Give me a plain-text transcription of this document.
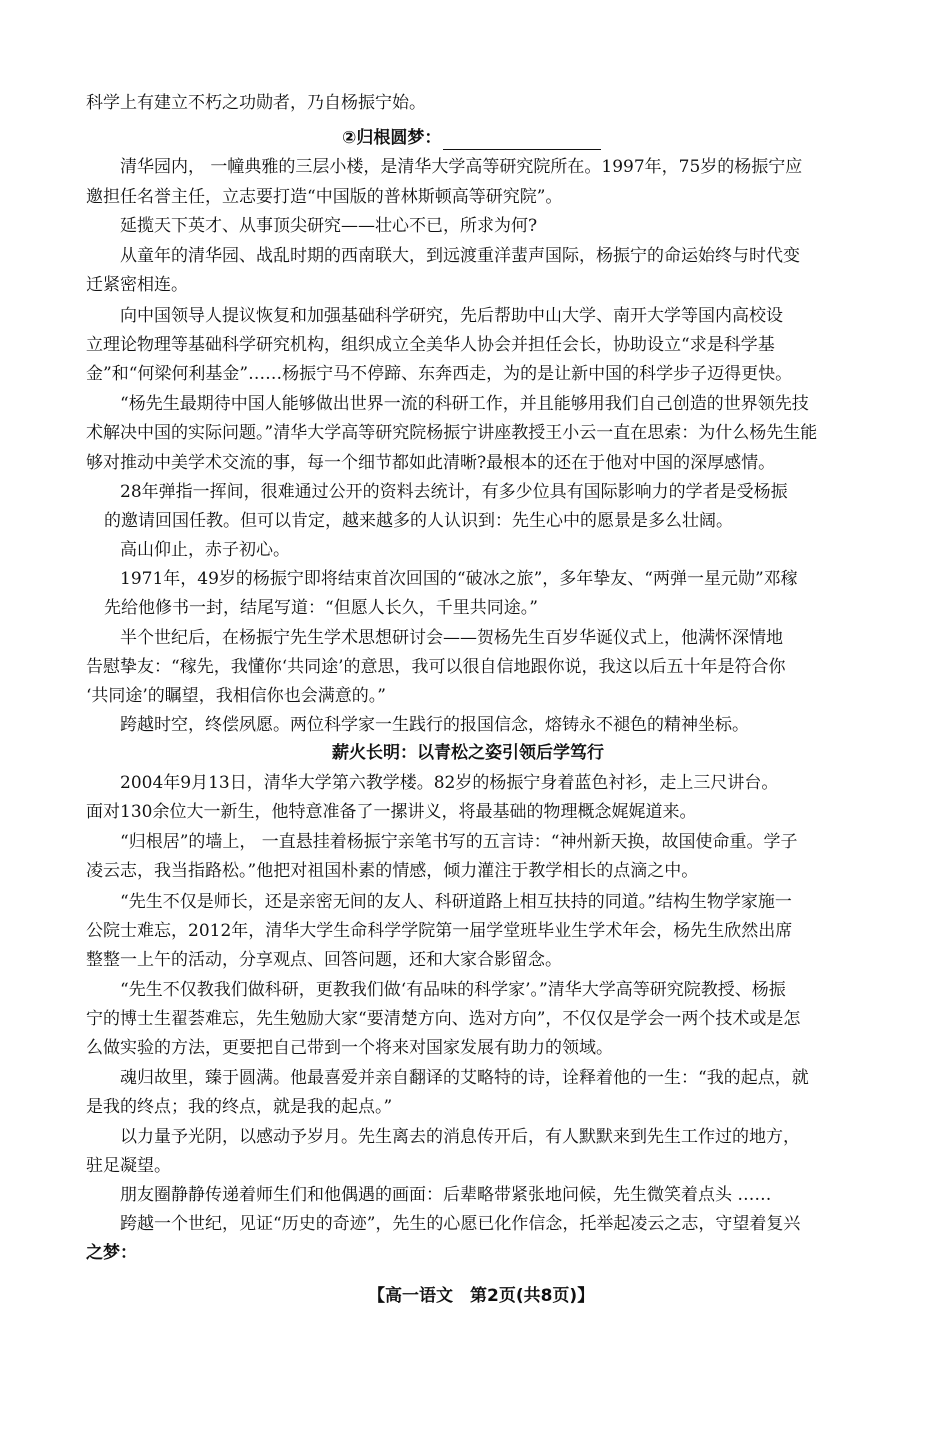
科学上有建立不朽之功勋者，乃自杨振宁始。
②归根圆梦：
清华园内， 一幢典雅的三层小楼，是清华大学高等研究院所在。1997年，75岁的杨振宁应
邀担任名誉主任，立志要打造“中国版的普林斯顿高等研究院”。
延揽天下英才、从事顶尖研究——壮心不已，所求为何?
从童年的清华园、战乱时期的西南联大，到远渡重洋蜚声国际，杨振宁的命运始终与时代变
迁紧密相连。
向中国领导人提议恢复和加强基础科学研究，先后帮助中山大学、南开大学等国内高校设
立理论物理等基础科学研究机构，组织成立全美华人协会并担任会长，协助设立“求是科学基
金”和“何梁何利基金”……杨振宁马不停蹄、东奔西走，为的是让新中国的科学步子迈得更快。
“杨先生最期待中国人能够做出世界一流的科研工作，并且能够用我们自己创造的世界领先技
术解决中国的实际问题。”清华大学高等研究院杨振宁讲座教授王小云一直在思索：为什么杨先生能
够对推动中美学术交流的事，每一个细节都如此清晰?最根本的还在于他对中国的深厚感情。
28年弹指一挥间，很难通过公开的资料去统计，有多少位具有国际影响力的学者是受杨振
的邀请回国任教。但可以肯定，越来越多的人认识到：先生心中的愿景是多么壮阔。
高山仰止，赤子初心。
1971年，49岁的杨振宁即将结束首次回国的“破冰之旅”，多年挚友、“两弹一星元勋”邓稼
先给他修书一封，结尾写道：“但愿人长久，千里共同途。”
半个世纪后，在杨振宁先生学术思想研讨会——贺杨先生百岁华诞仪式上，他满怀深情地
告慰挚友：“稼先，我懂你‘共同途’的意思，我可以很自信地跟你说，我这以后五十年是符合你
‘共同途’的瞩望，我相信你也会满意的。”
跨越时空，终偿夙愿。两位科学家一生践行的报国信念，熔铸永不褪色的精神坐标。
薪火长明：以青松之姿引领后学笃行
2004年9月13日，清华大学第六教学楼。82岁的杨振宁身着蓝色衬衫，走上三尺讲台。
面对130余位大一新生，他特意准备了一摞讲义，将最基础的物理概念娓娓道来。
“归根居”的墙上， 一直悬挂着杨振宁亲笔书写的五言诗：“神州新天换，故国使命重。学子
凌云志，我当指路松。”他把对祖国朴素的情感，倾力灌注于教学相长的点滴之中。
“先生不仅是师长，还是亲密无间的友人、科研道路上相互扶持的同道。”结构生物学家施一
公院士难忘，2012年，清华大学生命科学学院第一届学堂班毕业生学术年会，杨先生欣然出席
整整一上午的活动，分享观点、回答问题，还和大家合影留念。
“先生不仅教我们做科研，更教我们做‘有品味的科学家’。”清华大学高等研究院教授、杨振
宁的博士生翟荟难忘，先生勉励大家“要清楚方向、选对方向”，不仅仅是学会一两个技术或是怎
么做实验的方法，更要把自己带到一个将来对国家发展有助力的领域。
魂归故里，臻于圆满。他最喜爱并亲自翻译的艾略特的诗，诠释着他的一生：“我的起点，就
是我的终点；我的终点，就是我的起点。”
以力量予光阴，以感动予岁月。先生离去的消息传开后，有人默默来到先生工作过的地方，
驻足凝望。
朋友圈静静传递着师生们和他偶遇的画面：后辈略带紧张地问候，先生微笑着点头 ……
跨越一个世纪，见证“历史的奇迹”，先生的心愿已化作信念，托举起凌云之志，守望着复兴
之梦：
【高一语文　第2页(共8页)】
